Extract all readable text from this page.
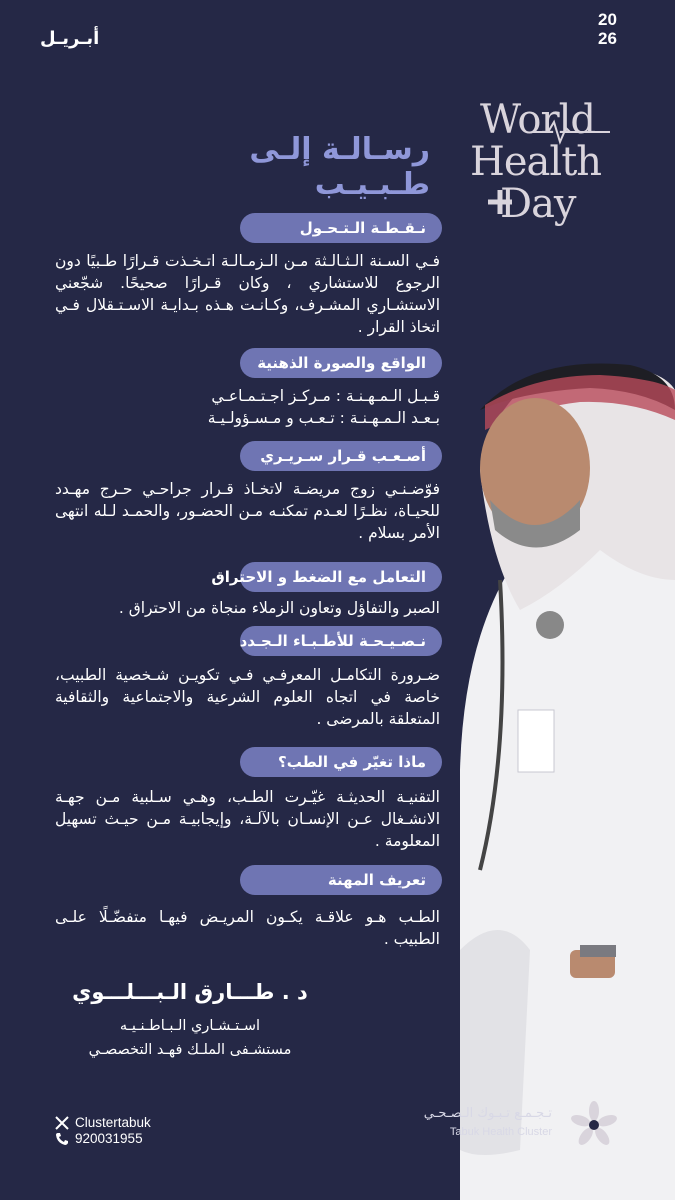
20
26
أبـريـل
World
Health
Day
رسـالـة إلـى طـبـيـب
نـقـطـة الـتـحـول
فـي السـنة الـثـالـثة مـن الـزمـالـة اتـخـذت قـرارًا طـبيًا دون الرجوع للاستشاري ، وكان قـرارًا صحيحًا. شجّعني الاستشـاري المشـرف، وكـانـت هـذه بـدايـة الاسـتـقلال فـي اتخاذ القرار .
الواقع والصورة الذهنية
قـبـل الـمـهـنـة : مـركـز اجـتـمـاعـي
بـعـد الـمـهـنـة : تـعـب و مـسـؤولـيـة
أصـعـب قـرار سـريـري
فوّضـنـي زوج مريضـة لاتخـاذ قـرار جراحـي حـرج مهـدد للحيـاة، نظـرًا لعـدم تمكنـه مـن الحضـور، والحمـد لـله انتهى الأمر بسلام .
التعامل مع الضغط و الاحتراق
الصبر والتفاؤل وتعاون الزملاء منجاة من الاحتراق .
نـصـيـحـة للأطـبـاء الـجـدد
ضـرورة التكامـل المعرفـي فـي تكويـن شـخصية الطبيب، خاصة في اتجاه العلوم الشرعية والاجتماعية والثقافية المتعلقة بالمرضى .
ماذا تغيّر في الطب؟
التقنيـة الحديثـة غيّـرت الطـب، وهـي سـلبية مـن جهـة الانشـغال عـن الإنسـان بالآلـة، وإيجابيـة مـن حيـث تسهيل المعلومة .
تعريف المهنة
الطـب هـو علاقـة يكـون المريـض فيهـا متفضّـلًا علـى الطبيب .
د . طـــارق الـبـــلـــوي
اسـتـشـاري الـبـاطـنـيـه
مستشـفى الملـك فهـد التخصصـي
Clustertabuk
920031955
تـجـمـع تـبـوك الـصـحـي
Tabuk Health Cluster
